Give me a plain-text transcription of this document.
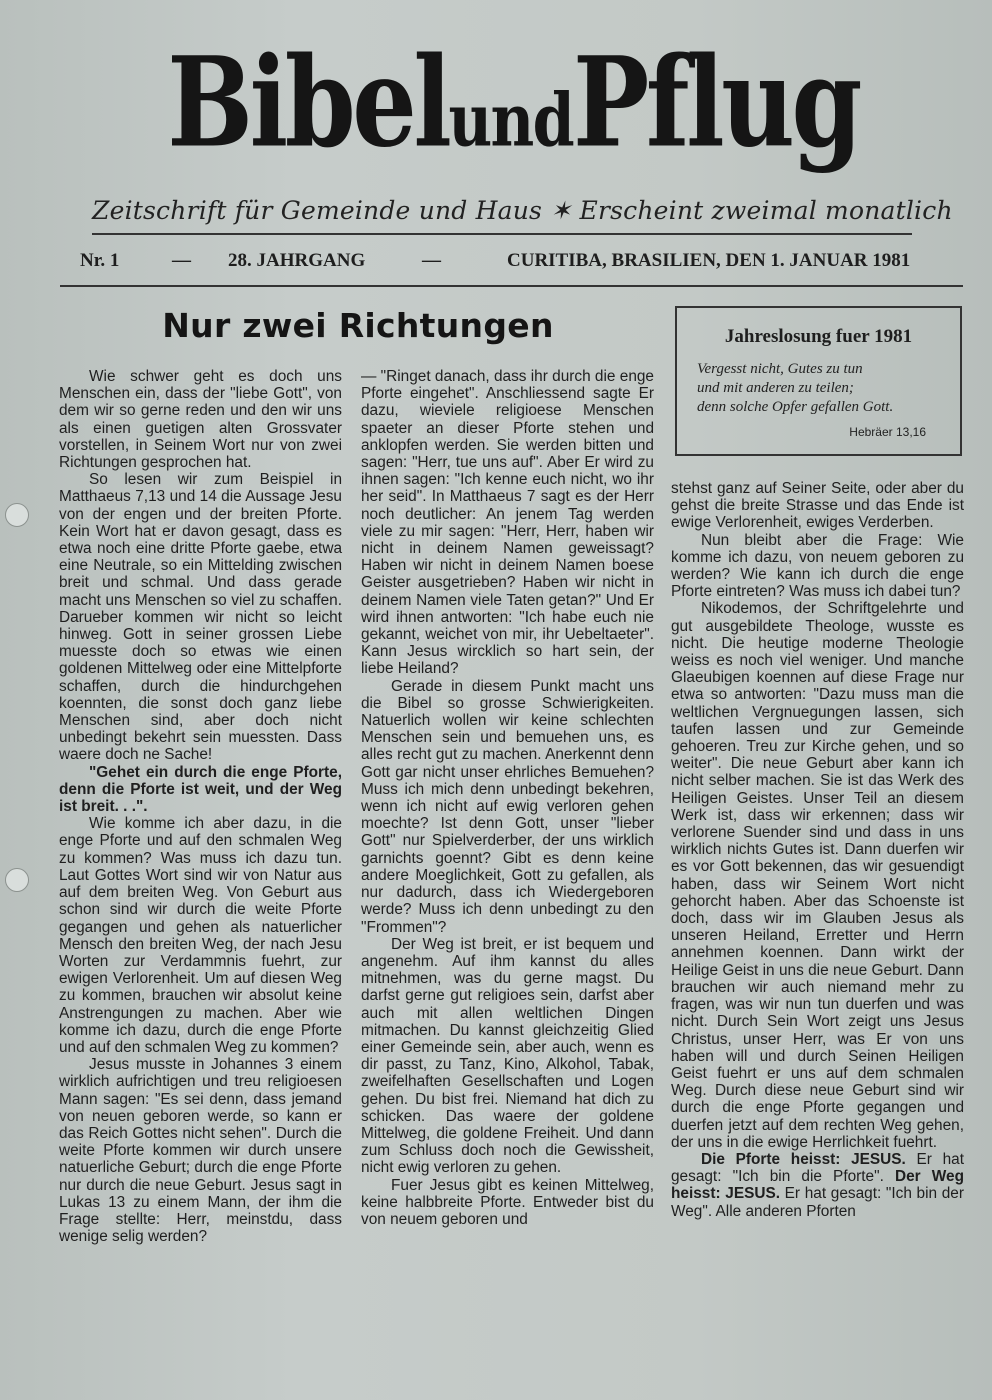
BibelundPflug
Zeitschrift für Gemeinde und Haus ✶ Erscheint zweimal monatlich
Nr. 1	— 28. JAHRGANG	—	CURITIBA, BRASILIEN, DEN 1. JANUAR 1981
Nur zwei Richtungen	Jahreslosung fuer 1981
Vergesst nicht, Gutes zu tun
und mit anderen zu teilen;
denn solche Opfer gefallen Gott.
Hebräer 13,16

Wie schwer geht es doch uns Menschen ein, dass der "liebe Gott", von dem wir so gerne reden und den wir uns als einen guetigen alten Grossvater vorstellen, in Seinem Wort nur von zwei Richtungen gesprochen hat.

So lesen wir zum Beispiel in Matthaeus 7,13 und 14 die Aussage Jesu von der engen und der breiten Pforte. Kein Wort hat er davon gesagt, dass es etwa noch eine dritte Pforte gaebe, etwa eine Neutrale, so ein Mittelding zwischen breit und schmal. Und dass gerade macht uns Menschen so viel zu schaffen. Darueber kommen wir nicht so leicht hinweg. Gott in seiner grossen Liebe muesste doch so etwas wie einen goldenen Mittelweg oder eine Mittelpforte schaffen, durch die hindurchgehen koennten, die sonst doch ganz liebe Menschen sind, aber doch nicht unbedingt bekehrt sein muessten. Dass waere doch ne Sache!

"Gehet ein durch die enge Pforte, denn die Pforte ist weit, und der Weg ist breit. . .".

Wie komme ich aber dazu, in die enge Pforte und auf den schmalen Weg zu kommen? Was muss ich dazu tun. Laut Gottes Wort sind wir von Natur aus auf dem breiten Weg. Von Geburt aus schon sind wir durch die weite Pforte gegangen und gehen als natuerlicher Mensch den breiten Weg, der nach Jesu Worten zur Verdammnis fuehrt, zur ewigen Verlorenheit. Um auf diesen Weg zu kommen, brauchen wir absolut keine Anstrengungen zu machen. Aber wie komme ich dazu, durch die enge Pforte und auf den schmalen Weg zu kommen?

Jesus musste in Johannes 3 einem wirklich aufrichtigen und treu religioesen Mann sagen: "Es sei denn, dass jemand von neuen geboren werde, so kann er das Reich Gottes nicht sehen". Durch die weite Pforte kommen wir durch unsere natuerliche Geburt; durch die enge Pforte nur durch die neue Geburt. Jesus sagt in Lukas 13 zu einem Mann, der ihm die Frage stellte: Herr, meinstdu, dass wenige selig werden?

— "Ringet danach, dass ihr durch die enge Pforte eingehet". Anschliessend sagte Er dazu, wieviele religioese Menschen spaeter an dieser Pforte stehen und anklopfen werden. Sie werden bitten und sagen: "Herr, tue uns auf". Aber Er wird zu ihnen sagen: "Ich kenne euch nicht, wo ihr her seid". In Matthaeus 7 sagt es der Herr noch deutlicher: An jenem Tag werden viele zu mir sagen: "Herr, Herr, haben wir nicht in deinem Namen geweissagt? Haben wir nicht in deinem Namen boese Geister ausgetrieben? Haben wir nicht in deinem Namen viele Taten getan?" Und Er wird ihnen antworten: "Ich habe euch nie gekannt, weichet von mir, ihr Uebeltaeter". Kann Jesus wircklich so hart sein, der liebe Heiland?

Gerade in diesem Punkt macht uns die Bibel so grosse Schwierigkeiten. Natuerlich wollen wir keine schlechten Menschen sein und bemuehen uns, es alles recht gut zu machen. Anerkennt denn Gott gar nicht unser ehrliches Bemuehen? Muss ich mich denn unbedingt bekehren, wenn ich nicht auf ewig verloren gehen moechte? Ist denn Gott, unser "lieber Gott" nur Spielverderber, der uns wirklich garnichts goennt? Gibt es denn keine andere Moeglichkeit, Gott zu gefallen, als nur dadurch, dass ich Wiedergeboren werde? Muss ich denn unbedingt zu den "Frommen"?

Der Weg ist breit, er ist bequem und angenehm. Auf ihm kannst du alles mitnehmen, was du gerne magst. Du darfst gerne gut religioes sein, darfst aber auch mit allen weltlichen Dingen mitmachen. Du kannst gleichzeitig Glied einer Gemeinde sein, aber auch, wenn es dir passt, zu Tanz, Kino, Alkohol, Tabak, zweifelhaften Gesellschaften und Logen gehen. Du bist frei. Niemand hat dich zu schicken. Das waere der goldene Mittelweg, die goldene Freiheit. Und dann zum Schluss doch noch die Gewissheit, nicht ewig verloren zu gehen.

Fuer Jesus gibt es keinen Mittelweg, keine halbbreite Pforte. Entweder bist du von neuem geboren und

stehst ganz auf Seiner Seite, oder aber du gehst die breite Strasse und das Ende ist ewige Verlorenheit, ewiges Verderben.

Nun bleibt aber die Frage: Wie komme ich dazu, von neuem geboren zu werden? Wie kann ich durch die enge Pforte eintreten? Was muss ich dabei tun?

Nikodemos, der Schriftgelehrte und gut ausgebildete Theologe, wusste es nicht. Die heutige moderne Theologie weiss es noch viel weniger. Und manche Glaeubigen koennen auf diese Frage nur etwa so antworten: "Dazu muss man die weltlichen Vergnuegungen lassen, sich taufen lassen und zur Gemeinde gehoeren. Treu zur Kirche gehen, und so weiter". Die neue Geburt aber kann ich nicht selber machen. Sie ist das Werk des Heiligen Geistes. Unser Teil an diesem Werk ist, dass wir erkennen; dass wir verlorene Suender sind und dass in uns wirklich nichts Gutes ist. Dann duerfen wir es vor Gott bekennen, das wir gesuendigt haben, dass wir Seinem Wort nicht gehorcht haben. Aber das Schoenste ist doch, dass wir im Glauben Jesus als unseren Heiland, Erretter und Herrn annehmen koennen. Dann wirkt der Heilige Geist in uns die neue Geburt. Dann brauchen wir auch niemand mehr zu fragen, was wir nun tun duerfen und was nicht. Durch Sein Wort zeigt uns Jesus Christus, unser Herr, was Er von uns haben will und durch Seinen Heiligen Geist fuehrt er uns auf dem schmalen Weg. Durch diese neue Geburt sind wir durch die enge Pforte gegangen und duerfen jetzt auf dem rechten Weg gehen, der uns in die ewige Herrlichkeit fuehrt.

Die Pforte heisst: JESUS. Er hat gesagt: "Ich bin die Pforte". Der Weg heisst: JESUS. Er hat gesagt: "Ich bin der Weg". Alle anderen Pforten
